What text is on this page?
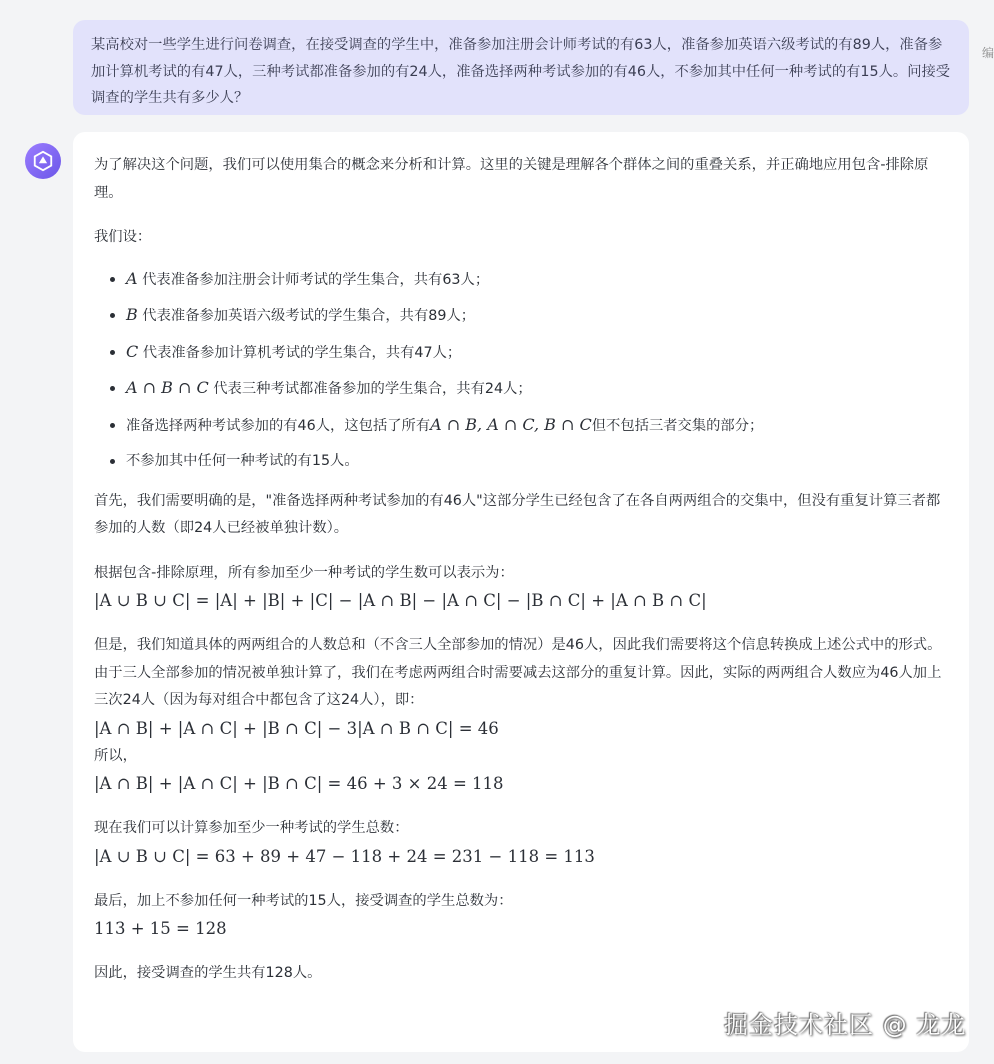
某高校对一些学生进行问卷调查，在接受调查的学生中，准备参加注册会计师考试的有63人，准备参加英语六级考试的有89人，准备参加计算机考试的有47人，三种考试都准备参加的有24人，准备选择两种考试参加的有46人，不参加其中任何一种考试的有15人。问接受调查的学生共有多少人？
编

为了解决这个问题，我们可以使用集合的概念来分析和计算。这里的关键是理解各个群体之间的重叠关系，并正确地应用包含-排除原理。

我们设：

A 代表准备参加注册会计师考试的学生集合，共有63人；
B 代表准备参加英语六级考试的学生集合，共有89人；
C 代表准备参加计算机考试的学生集合，共有47人；
A ∩ B ∩ C 代表三种考试都准备参加的学生集合，共有24人；
准备选择两种考试参加的有46人，这包括了所有A ∩ B, A ∩ C, B ∩ C但不包括三者交集的部分；
不参加其中任何一种考试的有15人。

首先，我们需要明确的是，"准备选择两种考试参加的有46人"这部分学生已经包含了在各自两两组合的交集中，但没有重复计算三者都参加的人数（即24人已经被单独计数）。

根据包含-排除原理，所有参加至少一种考试的学生数可以表示为：

|A ∪ B ∪ C| = |A| + |B| + |C| − |A ∩ B| − |A ∩ C| − |B ∩ C| + |A ∩ B ∩ C|

但是，我们知道具体的两两组合的人数总和（不含三人全部参加的情况）是46人，因此我们需要将这个信息转换成上述公式中的形式。由于三人全部参加的情况被单独计算了，我们在考虑两两组合时需要减去这部分的重复计算。因此，实际的两两组合人数应为46人加上三次24人（因为每对组合中都包含了这24人），即：

|A ∩ B| + |A ∩ C| + |B ∩ C| − 3|A ∩ B ∩ C| = 46

所以，

|A ∩ B| + |A ∩ C| + |B ∩ C| = 46 + 3 × 24 = 118

现在我们可以计算参加至少一种考试的学生总数：

|A ∪ B ∪ C| = 63 + 89 + 47 − 118 + 24 = 231 − 118 = 113

最后，加上不参加任何一种考试的15人，接受调查的学生总数为：

113 + 15 = 128

因此，接受调查的学生共有128人。

掘金技术社区 @ 龙龙
